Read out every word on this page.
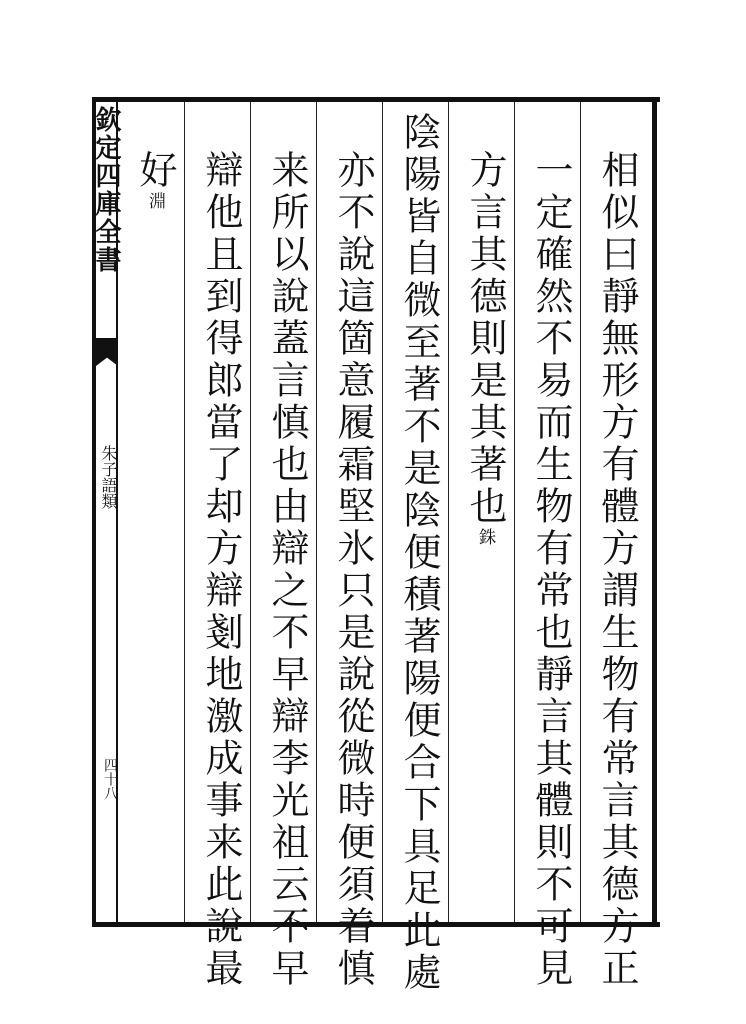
欽定四庫全書
朱子語類
四十八	相似曰靜無形方有體方謂生物有常言其德方正
一定確然不易而生物有常也靜言其體則不可見
方言其德則是其著也銖
陰陽皆自微至著不是陰便積著陽便合下具足此處
亦不說這箇意履霜堅氷只是說從微時便須着慎
来所以說蓋言慎也由辯之不早辯李光祖云不早
辯他且到得郎當了却方辯剗地激成事来此說最
好淵
